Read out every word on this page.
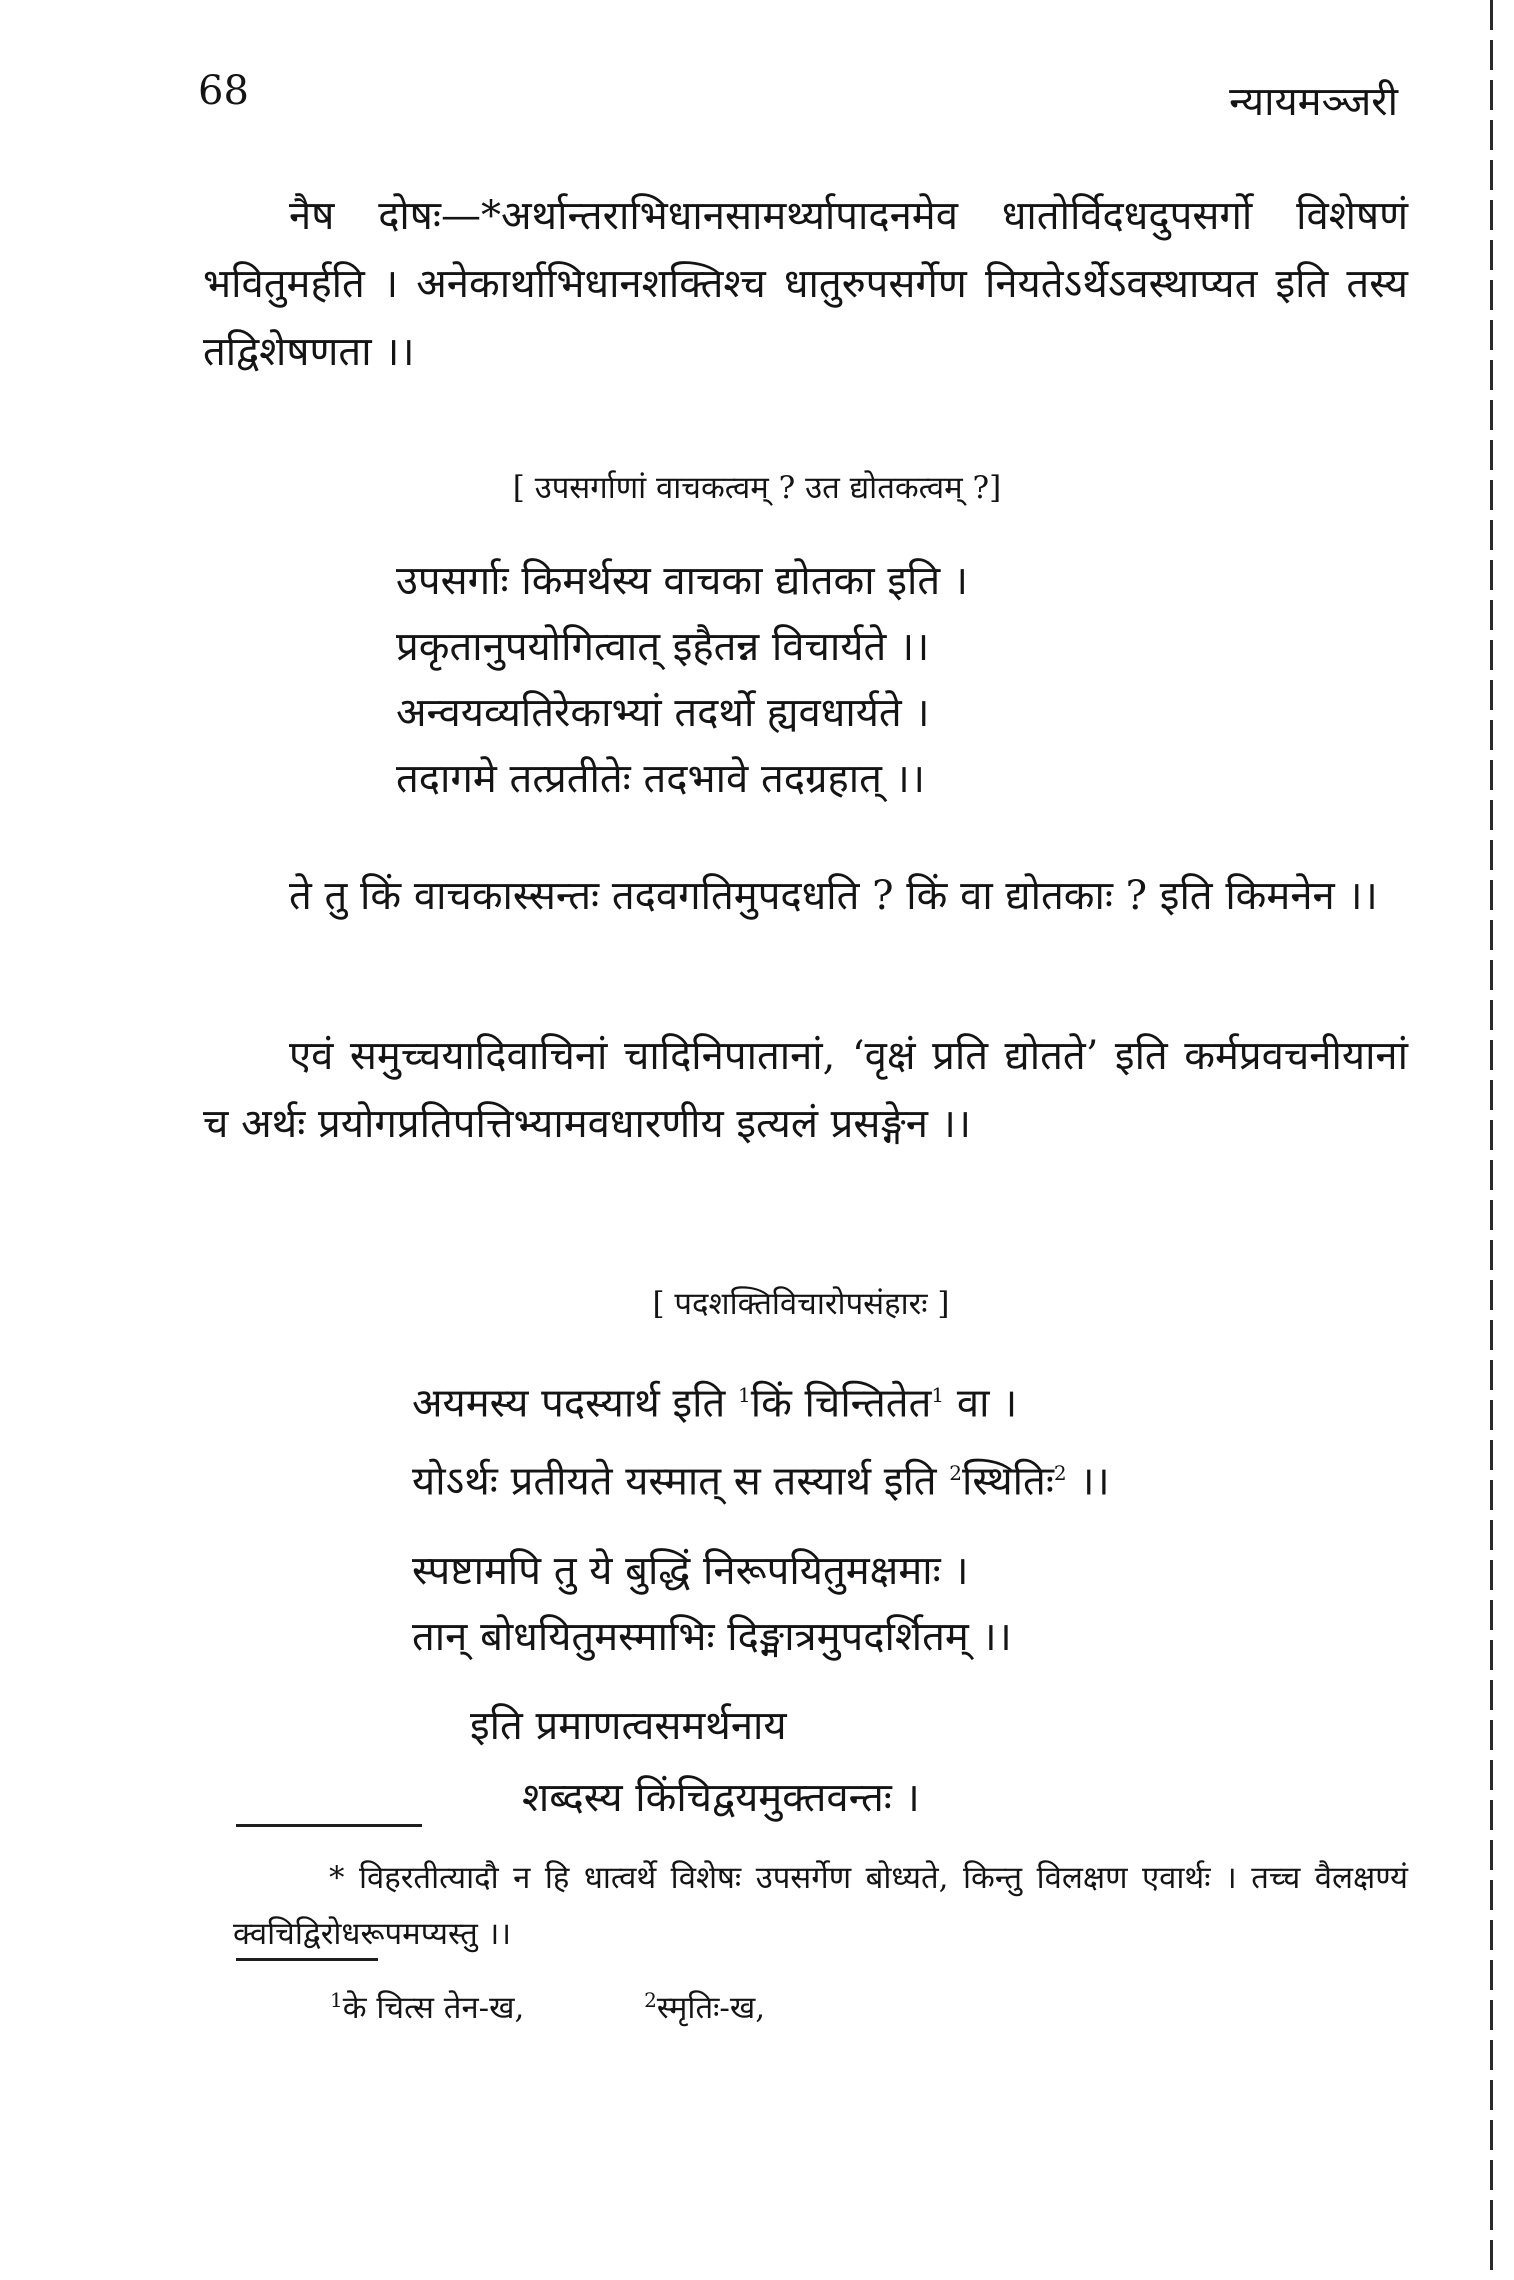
68	न्यायमञ्जरी

नैष दोषः—*अर्थान्तराभिधानसामर्थ्यापादनमेव धातोर्विदधदुपसर्गो विशेषणं भवितुमर्हति । अनेकार्थाभिधानशक्तिश्च धातुरुपसर्गेण नियतेऽर्थेऽवस्थाप्यत इति तस्य तद्विशेषणता ।।

[ उपसर्गाणां वाचकत्वम् ? उत द्योतकत्वम् ?]

उपसर्गाः किमर्थस्य वाचका द्योतका इति ।
प्रकृतानुपयोगित्वात् इहैतन्न विचार्यते ।।
अन्वयव्यतिरेकाभ्यां तदर्थो ह्यवधार्यते ।
तदागमे तत्प्रतीतेः तदभावे तदग्रहात् ।।

ते तु किं वाचकास्सन्तः तदवगतिमुपदधति ? किं वा द्योतकाः ? इति किमनेन ।।

एवं समुच्चयादिवाचिनां चादिनिपातानां, ‘वृक्षं प्रति द्योतते’ इति कर्मप्रवचनीयानां च अर्थः प्रयोगप्रतिपत्तिभ्यामवधारणीय इत्यलं प्रसङ्गेन ।।

[ पदशक्तिविचारोपसंहारः ]

अयमस्य पदस्यार्थ इति $^1$किं चिन्तितेत$^1$ वा ।
योऽर्थः प्रतीयते यस्मात् स तस्यार्थ इति $^2$स्थितिः$^2$ ।।
स्पष्टामपि तु ये बुद्धिं निरूपयितुमक्षमाः ।
तान् बोधयितुमस्माभिः दिङ्मात्रमुपदर्शितम् ।।
इति प्रमाणत्वसमर्थनाय
शब्दस्य किंचिद्वयमुक्तवन्तः ।

* विहरतीत्यादौ न हि धात्वर्थे विशेषः उपसर्गेण बोध्यते, किन्तु विलक्षण एवार्थः । तच्च वैलक्षण्यं क्वचिद्विरोधरूपमप्यस्तु ।।

1के चित्स तेन-ख,	2स्मृतिः-ख,
